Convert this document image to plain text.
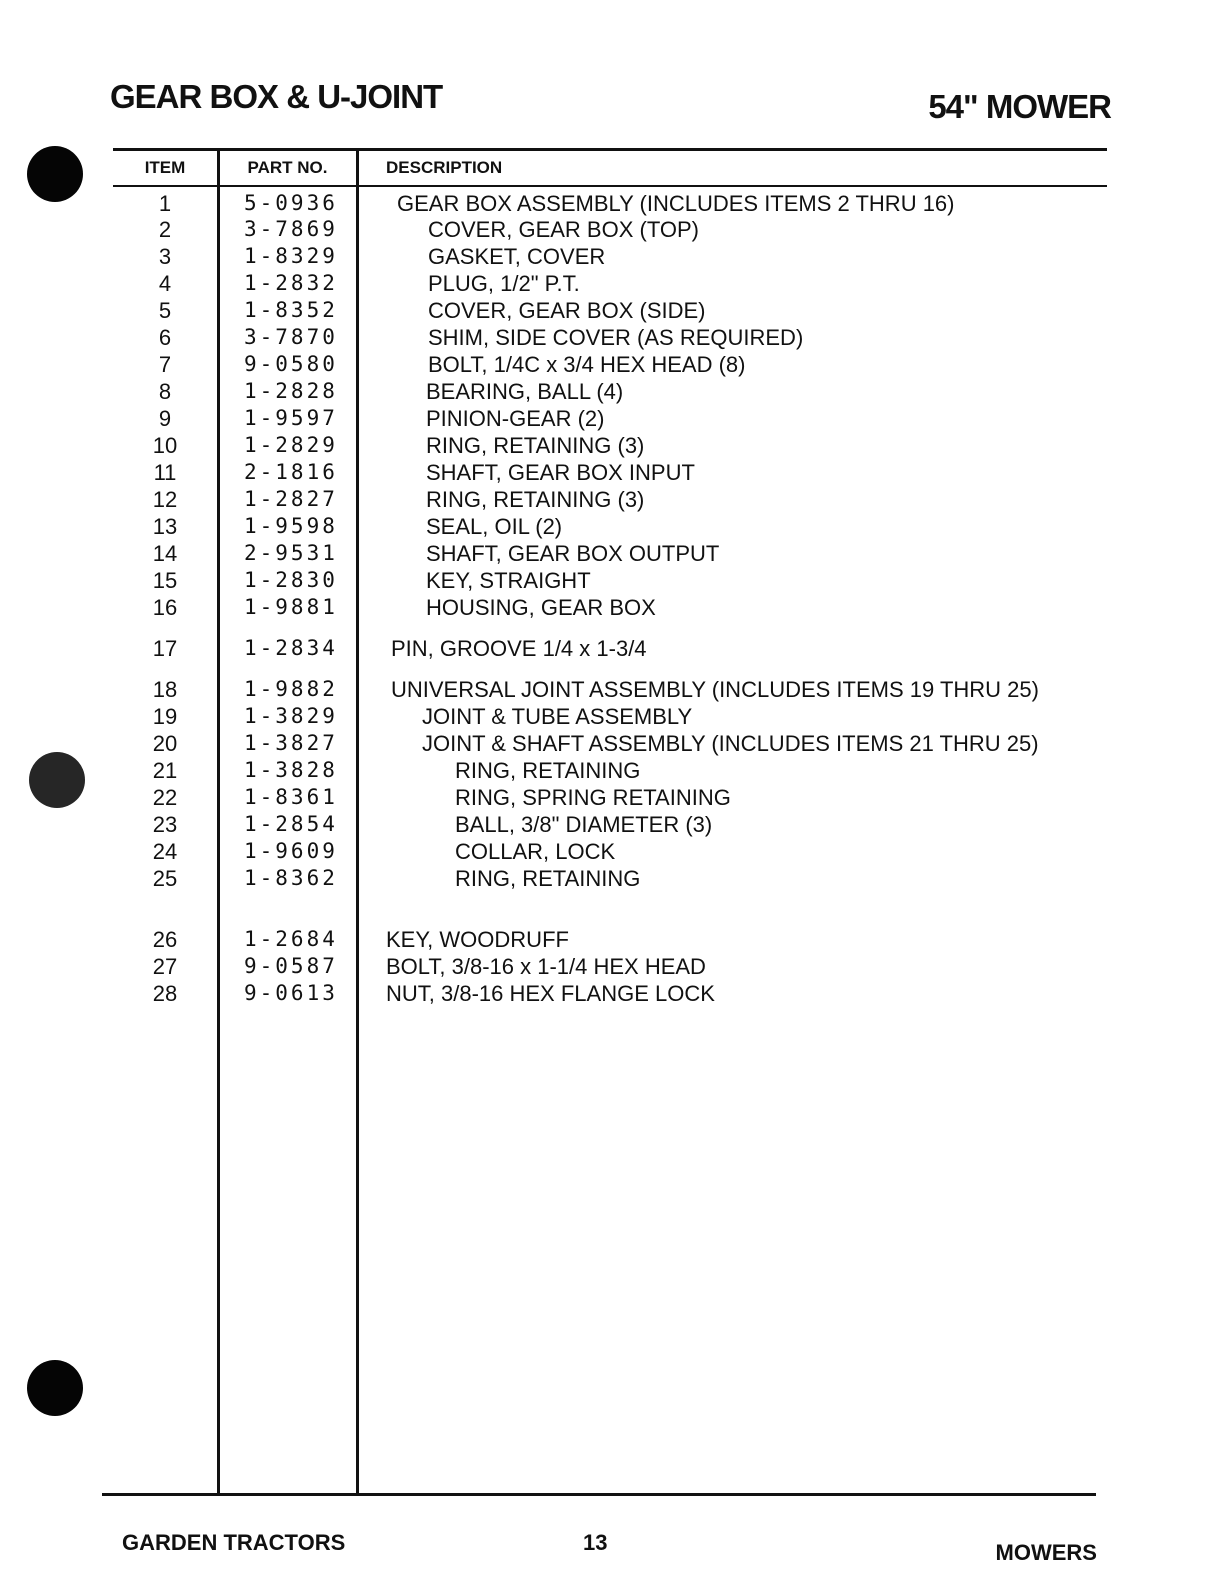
GEAR BOX & U-JOINT	54ʺ MOWER
ITEM	PART NO.	DESCRIPTION
1	5-0936	GEAR BOX ASSEMBLY (INCLUDES ITEMS 2 THRU 16)
2	3-7869	COVER, GEAR BOX (TOP)
3	1-8329	GASKET, COVER
4	1-2832	PLUG, 1/2" P.T.
5	1-8352	COVER, GEAR BOX (SIDE)
6	3-7870	SHIM, SIDE COVER (AS REQUIRED)
7	9-0580	BOLT, 1/4C x 3/4 HEX HEAD (8)
8	1-2828	BEARING, BALL (4)
9	1-9597	PINION-GEAR (2)
10	1-2829	RING, RETAINING (3)
11	2-1816	SHAFT, GEAR BOX INPUT
12	1-2827	RING, RETAINING (3)
13	1-9598	SEAL, OIL (2)
14	2-9531	SHAFT, GEAR BOX OUTPUT
15	1-2830	KEY, STRAIGHT
16	1-9881	HOUSING, GEAR BOX
17	1-2834 PIN, GROOVE 1/4 x 1-3/4
18	1-9882 UNIVERSAL JOINT ASSEMBLY (INCLUDES ITEMS 19 THRU 25)
19	1-3829	JOINT & TUBE ASSEMBLY
20	1-3827	JOINT & SHAFT ASSEMBLY (INCLUDES ITEMS 21 THRU 25)
21	1-3828	RING, RETAINING
22	1-8361	RING, SPRING RETAINING
23	1-2854	BALL, 3/8" DIAMETER (3)
24	1-9609	COLLAR, LOCK
25	1-8362	RING, RETAINING
26	1-2684 KEY, WOODRUFF
27	9-0587 BOLT, 3/8-16 x 1-1/4 HEX HEAD
28	9-0613 NUT, 3/8-16 HEX FLANGE LOCK
GARDEN TRACTORS	13	MOWERS
